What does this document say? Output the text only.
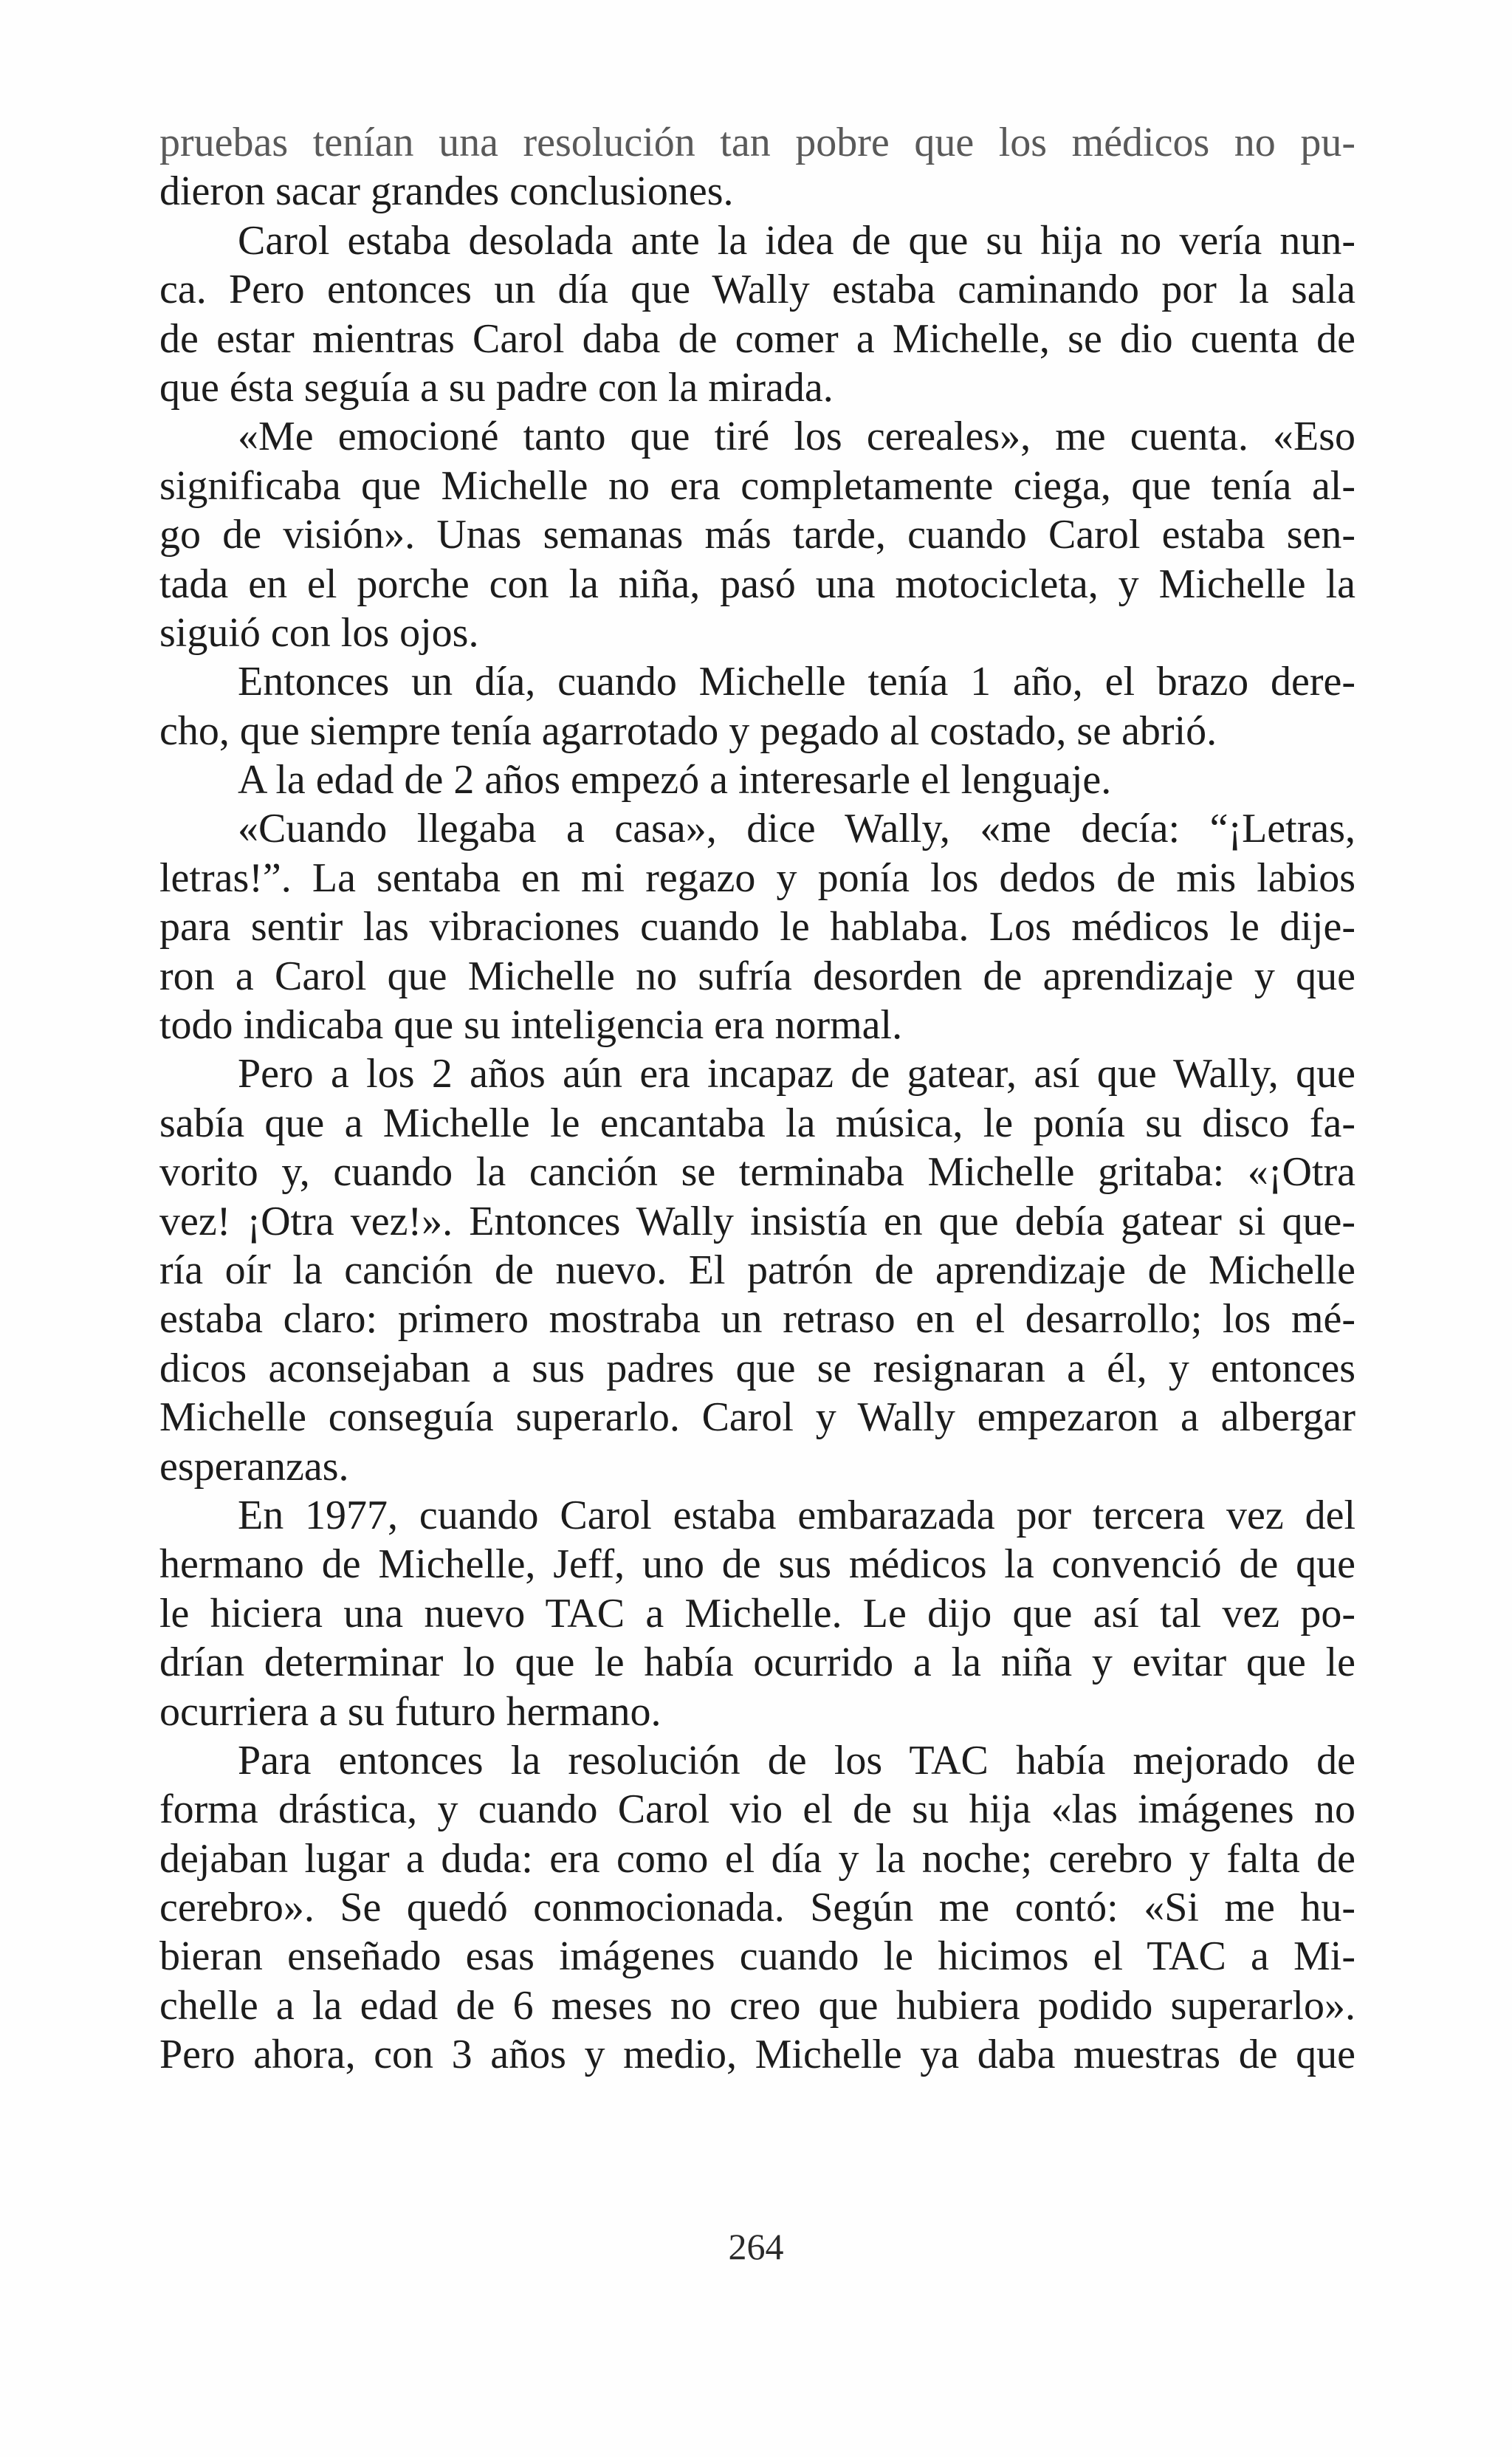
pruebas tenían una resolución tan pobre que los médicos no pu-
dieron sacar grandes conclusiones.
Carol estaba desolada ante la idea de que su hija no vería nun-
ca. Pero entonces un día que Wally estaba caminando por la sala
de estar mientras Carol daba de comer a Michelle, se dio cuenta de
que ésta seguía a su padre con la mirada.
«Me emocioné tanto que tiré los cereales», me cuenta. «Eso
significaba que Michelle no era completamente ciega, que tenía al-
go de visión». Unas semanas más tarde, cuando Carol estaba sen-
tada en el porche con la niña, pasó una motocicleta, y Michelle la
siguió con los ojos.
Entonces un día, cuando Michelle tenía 1 año, el brazo dere-
cho, que siempre tenía agarrotado y pegado al costado, se abrió.
A la edad de 2 años empezó a interesarle el lenguaje.
«Cuando llegaba a casa», dice Wally, «me decía: “¡Letras,
letras!”. La sentaba en mi regazo y ponía los dedos de mis labios
para sentir las vibraciones cuando le hablaba. Los médicos le dije-
ron a Carol que Michelle no sufría desorden de aprendizaje y que
todo indicaba que su inteligencia era normal.
Pero a los 2 años aún era incapaz de gatear, así que Wally, que
sabía que a Michelle le encantaba la música, le ponía su disco fa-
vorito y, cuando la canción se terminaba Michelle gritaba: «¡Otra
vez! ¡Otra vez!». Entonces Wally insistía en que debía gatear si que-
ría oír la canción de nuevo. El patrón de aprendizaje de Michelle
estaba claro: primero mostraba un retraso en el desarrollo; los mé-
dicos aconsejaban a sus padres que se resignaran a él, y entonces
Michelle conseguía superarlo. Carol y Wally empezaron a albergar
esperanzas.
En 1977, cuando Carol estaba embarazada por tercera vez del
hermano de Michelle, Jeff, uno de sus médicos la convenció de que
le hiciera una nuevo TAC a Michelle. Le dijo que así tal vez po-
drían determinar lo que le había ocurrido a la niña y evitar que le
ocurriera a su futuro hermano.
Para entonces la resolución de los TAC había mejorado de
forma drástica, y cuando Carol vio el de su hija «las imágenes no
dejaban lugar a duda: era como el día y la noche; cerebro y falta de
cerebro». Se quedó conmocionada. Según me contó: «Si me hu-
bieran enseñado esas imágenes cuando le hicimos el TAC a Mi-
chelle a la edad de 6 meses no creo que hubiera podido superarlo».
Pero ahora, con 3 años y medio, Michelle ya daba muestras de que
264
